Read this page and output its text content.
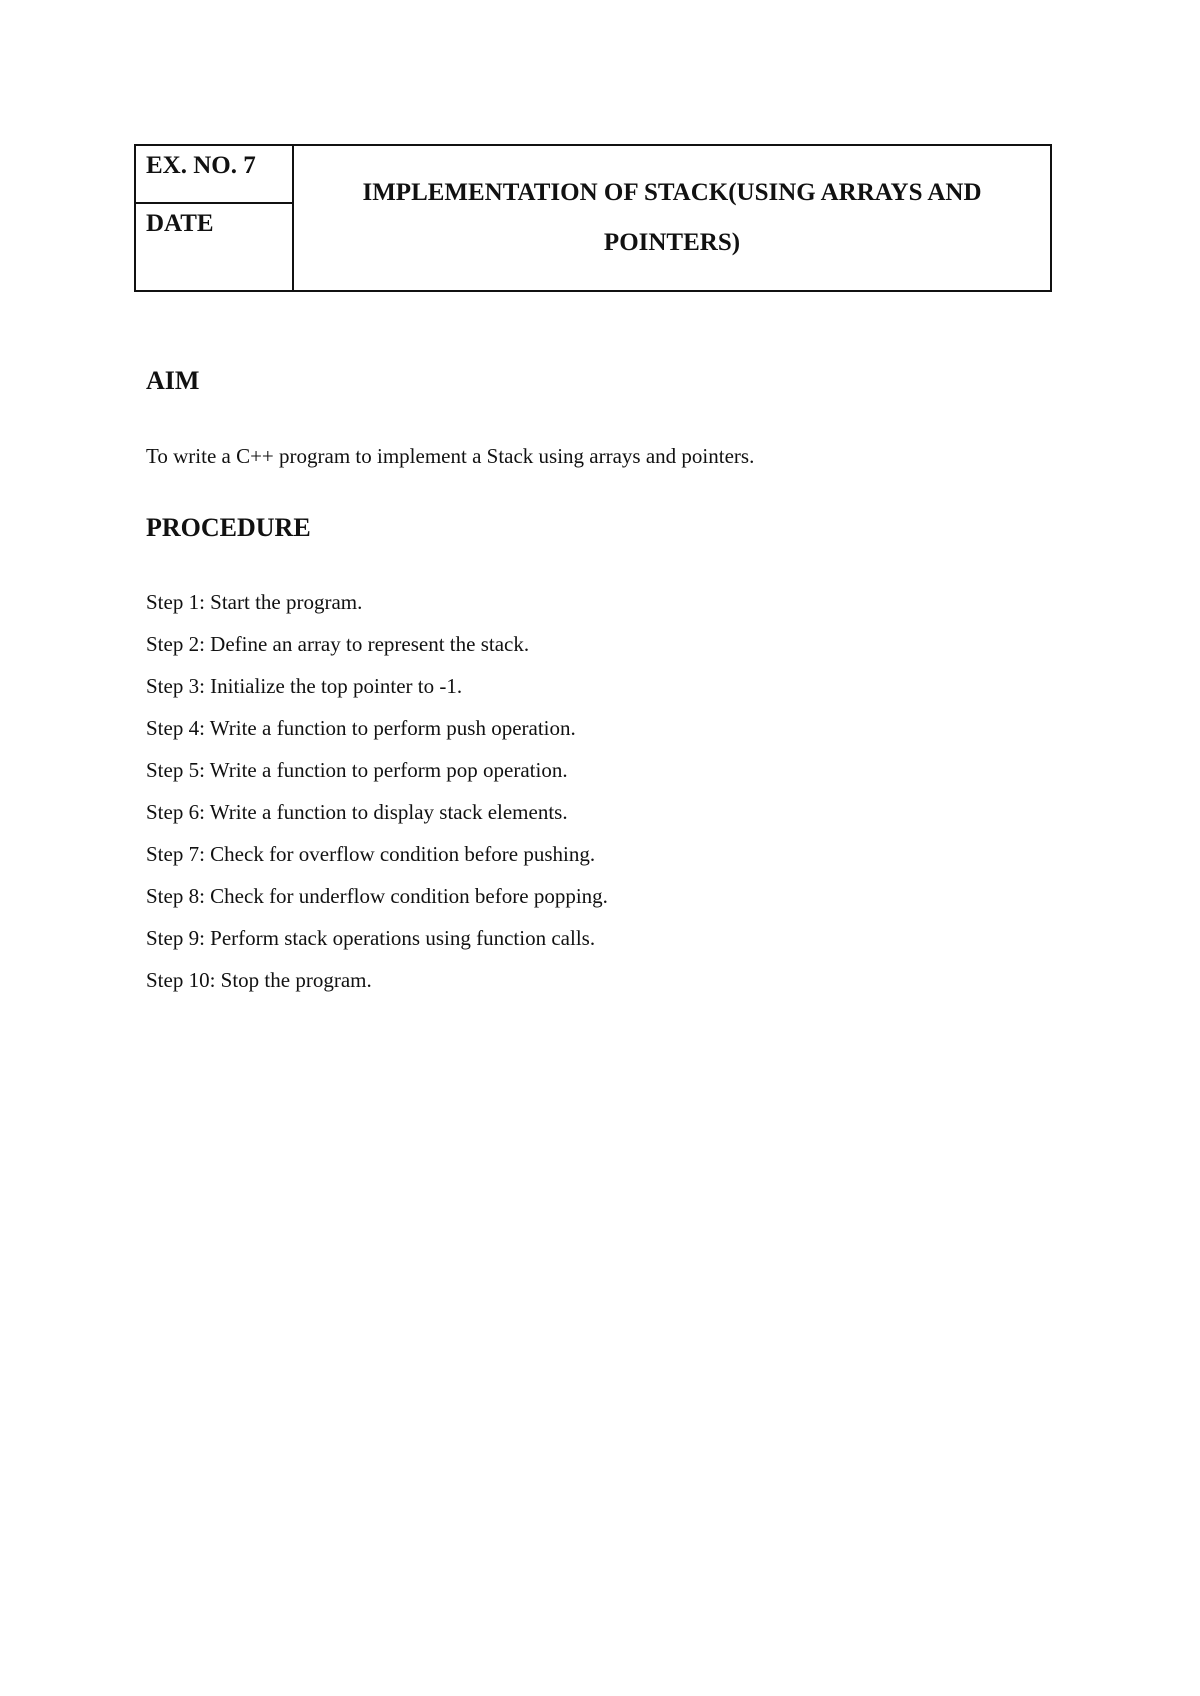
EX. NO. 7
DATE

IMPLEMENTATION OF STACK(USING ARRAYS AND POINTERS)

AIM

To write a C++ program to implement a Stack using arrays and pointers.

PROCEDURE
Step 1: Start the program.
Step 2: Define an array to represent the stack.
Step 3: Initialize the top pointer to -1.
Step 4: Write a function to perform push operation.
Step 5: Write a function to perform pop operation.
Step 6: Write a function to display stack elements.
Step 7: Check for overflow condition before pushing.
Step 8: Check for underflow condition before popping.
Step 9: Perform stack operations using function calls.
Step 10: Stop the program.
